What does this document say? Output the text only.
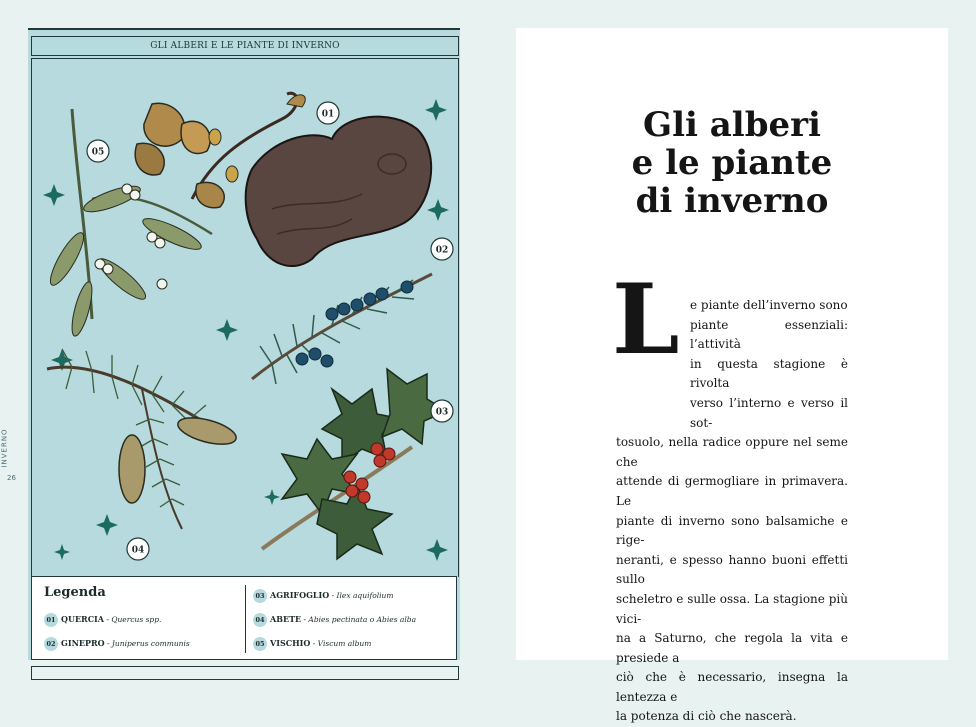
INVERNO
26
GLI ALBERI E LE PIANTE DI INVERNO
01
02
03
04
05
Legenda
01 QUERCIA - Quercus spp.
02 GINEPRO - Juniperus communis
03 AGRIFOGLIO - Ilex aquifolium
04 ABETE - Abies pectinata o Abies alba
05 VISCHIO - Viscum album
Gli alberi
e le piante
di inverno
L e piante dell’inverno sono
piante essenziali: l’attività
in questa stagione è rivolta
verso l’interno e verso il sot-
tosuolo, nella radice oppure nel seme che
attende di germogliare in primavera. Le
piante di inverno sono balsamiche e rige-
neranti, e spesso hanno buoni effetti sullo
scheletro e sulle ossa. La stagione più vici-
na a Saturno, che regola la vita e presiede a
ciò che è necessario, insegna la lentezza e
la potenza di ciò che nascerà.
